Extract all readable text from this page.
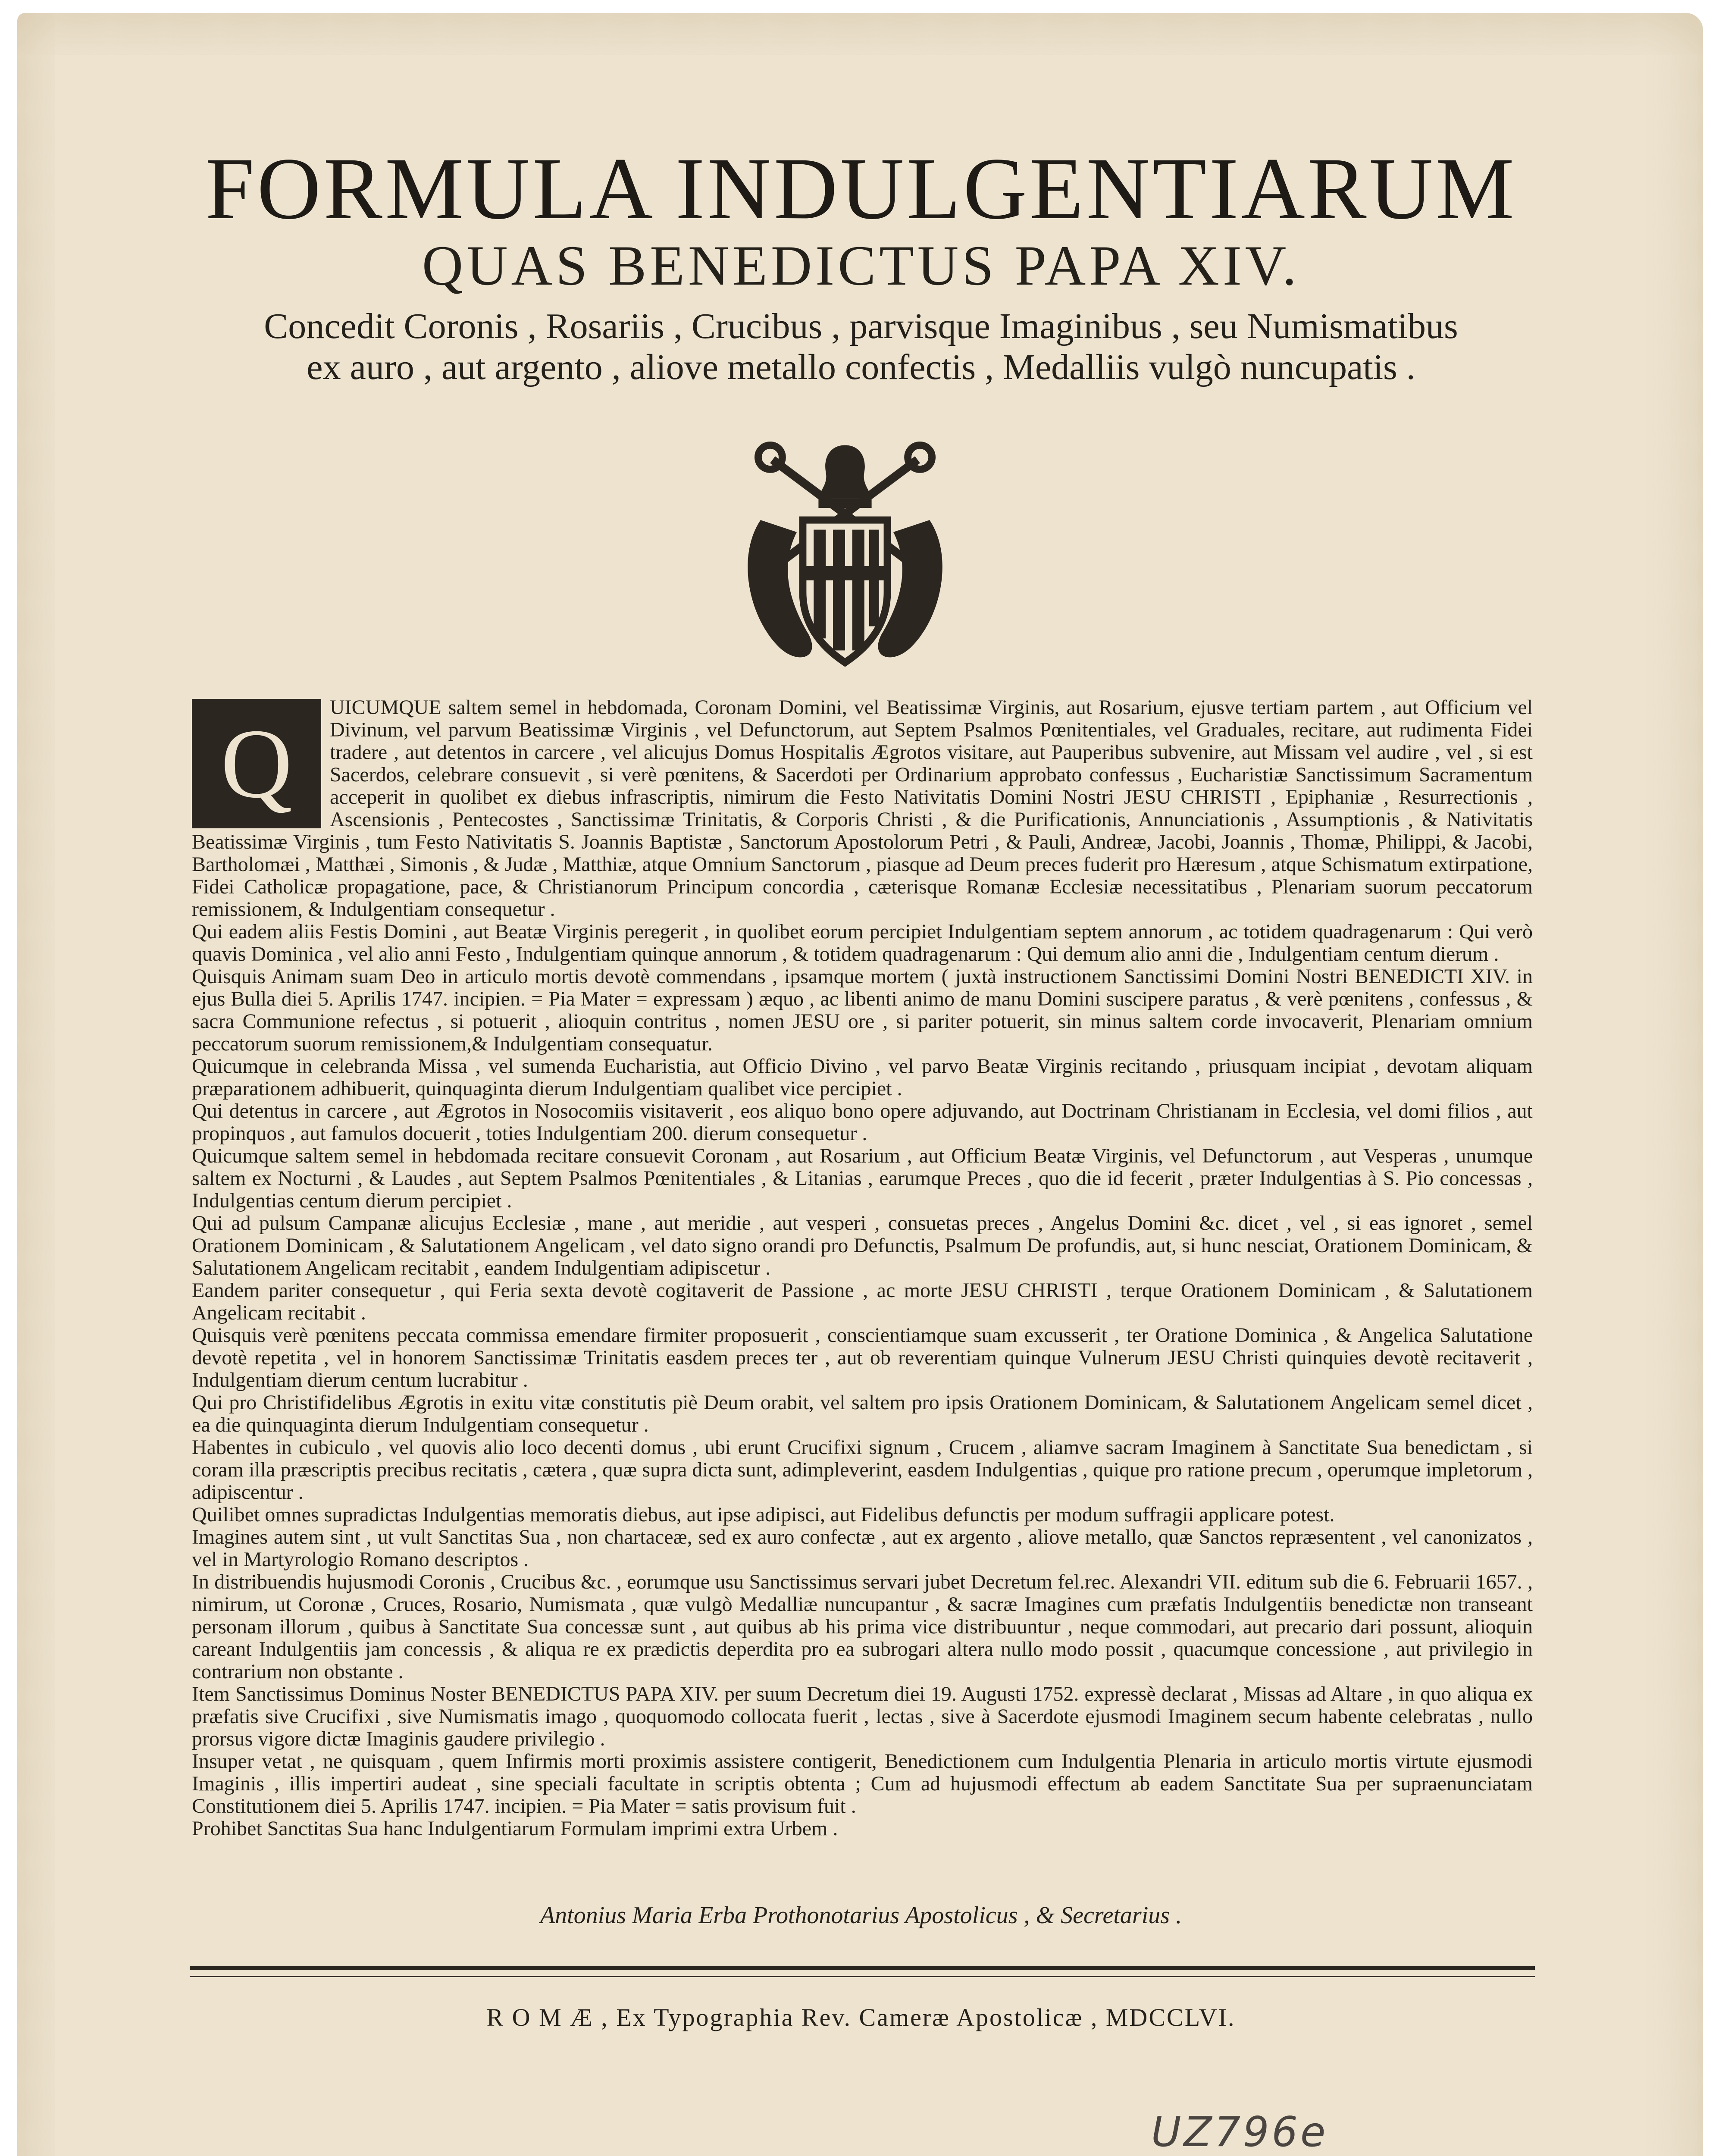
FORMULA INDULGENTIARUM
QUAS BENEDICTUS PAPA XIV.
Concedit Coronis , Rosariis , Crucibus , parvisque Imaginibus , seu Numismatibus
ex auro , aut argento , aliove metallo confectis , Medalliis vulgò nuncupatis .
Q

UICUMQUE saltem semel in hebdomada, Coronam Domini, vel Beatissimæ Virginis, aut Rosarium, ejusve tertiam partem , aut Officium vel Divinum, vel parvum Beatissimæ Virginis , vel Defunctorum, aut Septem Psalmos Pœnitentiales, vel Graduales, recitare, aut rudimenta Fidei tradere , aut detentos in carcere , vel alicujus Domus Hospitalis Ægrotos visitare, aut Pauperibus subvenire, aut Missam vel audire , vel , si est Sacerdos, celebrare consuevit , si verè pœnitens, & Sacerdoti per Ordinarium approbato confessus , Eucharistiæ Sanctissimum Sacramentum acceperit in quolibet ex diebus infrascriptis, nimirum die Festo Nativitatis Domini Nostri JESU CHRISTI , Epiphaniæ , Resurrectionis , Ascensionis , Pentecostes , Sanctissimæ Trinitatis, & Corporis Christi , & die Purificationis, Annunciationis , Assumptionis , & Nativitatis Beatissimæ Virginis , tum Festo Nativitatis S. Joannis Baptistæ , Sanctorum Apostolorum Petri , & Pauli, Andreæ, Jacobi, Joannis , Thomæ, Philippi, & Jacobi, Bartholomæi , Matthæi , Simonis , & Judæ , Matthiæ, atque Omnium Sanctorum , piasque ad Deum preces fuderit pro Hæresum , atque Schismatum extirpatione, Fidei Catholicæ propagatione, pace, & Christianorum Principum concordia , cæterisque Romanæ Ecclesiæ necessitatibus , Plenariam suorum peccatorum remissionem, & Indulgentiam consequetur .

Qui eadem aliis Festis Domini , aut Beatæ Virginis peregerit , in quolibet eorum percipiet Indulgentiam septem annorum , ac totidem quadragenarum : Qui verò quavis Dominica , vel alio anni Festo , Indulgentiam quinque annorum , & totidem quadragenarum : Qui demum alio anni die , Indulgentiam centum dierum .

Quisquis Animam suam Deo in articulo mortis devotè commendans , ipsamque mortem ( juxtà instructionem Sanctissimi Domini Nostri BENEDICTI XIV. in ejus Bulla diei 5. Aprilis 1747. incipien. = Pia Mater = expressam ) æquo , ac libenti animo de manu Domini suscipere paratus , & verè pœnitens , confessus , & sacra Communione refectus , si potuerit , alioquin contritus , nomen JESU ore , si pariter potuerit, sin minus saltem corde invocaverit, Plenariam omnium peccatorum suorum remissionem,& Indulgentiam consequatur.

Quicumque in celebranda Missa , vel sumenda Eucharistia, aut Officio Divino , vel parvo Beatæ Virginis recitando , priusquam incipiat , devotam aliquam præparationem adhibuerit, quinquaginta dierum Indulgentiam qualibet vice percipiet .

Qui detentus in carcere , aut Ægrotos in Nosocomiis visitaverit , eos aliquo bono opere adjuvando, aut Doctrinam Christianam in Ecclesia, vel domi filios , aut propinquos , aut famulos docuerit , toties Indulgentiam 200. dierum consequetur .

Quicumque saltem semel in hebdomada recitare consuevit Coronam , aut Rosarium , aut Officium Beatæ Virginis, vel Defunctorum , aut Vesperas , unumque saltem ex Nocturni , & Laudes , aut Septem Psalmos Pœnitentiales , & Litanias , earumque Preces , quo die id fecerit , præter Indulgentias à S. Pio concessas , Indulgentias centum dierum percipiet .

Qui ad pulsum Campanæ alicujus Ecclesiæ , mane , aut meridie , aut vesperi , consuetas preces , Angelus Domini &c. dicet , vel , si eas ignoret , semel Orationem Dominicam , & Salutationem Angelicam , vel dato signo orandi pro Defunctis, Psalmum De profundis, aut, si hunc nesciat, Orationem Dominicam, & Salutationem Angelicam recitabit , eandem Indulgentiam adipiscetur .

Eandem pariter consequetur , qui Feria sexta devotè cogitaverit de Passione , ac morte JESU CHRISTI , terque Orationem Dominicam , & Salutationem Angelicam recitabit .

Quisquis verè pœnitens peccata commissa emendare firmiter proposuerit , conscientiamque suam excusserit , ter Oratione Dominica , & Angelica Salutatione devotè repetita , vel in honorem Sanctissimæ Trinitatis easdem preces ter , aut ob reverentiam quinque Vulnerum JESU Christi quinquies devotè recitaverit , Indulgentiam dierum centum lucrabitur .

Qui pro Christifidelibus Ægrotis in exitu vitæ constitutis piè Deum orabit, vel saltem pro ipsis Orationem Dominicam, & Salutationem Angelicam semel dicet , ea die quinquaginta dierum Indulgentiam consequetur .

Habentes in cubiculo , vel quovis alio loco decenti domus , ubi erunt Crucifixi signum , Crucem , aliamve sacram Imaginem à Sanctitate Sua benedictam , si coram illa præscriptis precibus recitatis , cætera , quæ supra dicta sunt, adimpleverint, easdem Indulgentias , quique pro ratione precum , operumque impletorum , adipiscentur .

Quilibet omnes supradictas Indulgentias memoratis diebus, aut ipse adipisci, aut Fidelibus defunctis per modum suffragii applicare potest.

Imagines autem sint , ut vult Sanctitas Sua , non chartaceæ, sed ex auro confectæ , aut ex argento , aliove metallo, quæ Sanctos repræsentent , vel canonizatos , vel in Martyrologio Romano descriptos .

In distribuendis hujusmodi Coronis , Crucibus &c. , eorumque usu Sanctissimus servari jubet Decretum fel.rec. Alexandri VII. editum sub die 6. Februarii 1657. , nimirum, ut Coronæ , Cruces, Rosario, Numismata , quæ vulgò Medalliæ nuncupantur , & sacræ Imagines cum præfatis Indulgentiis benedictæ non transeant personam illorum , quibus à Sanctitate Sua concessæ sunt , aut quibus ab his prima vice distribuuntur , neque commodari, aut precario dari possunt, alioquin careant Indulgentiis jam concessis , & aliqua re ex prædictis deperdita pro ea subrogari altera nullo modo possit , quacumque concessione , aut privilegio in contrarium non obstante .

Item Sanctissimus Dominus Noster BENEDICTUS PAPA XIV. per suum Decretum diei 19. Augusti 1752. expressè declarat , Missas ad Altare , in quo aliqua ex præfatis sive Crucifixi , sive Numismatis imago , quoquomodo collocata fuerit , lectas , sive à Sacerdote ejusmodi Imaginem secum habente celebratas , nullo prorsus vigore dictæ Imaginis gaudere privilegio .

Insuper vetat , ne quisquam , quem Infirmis morti proximis assistere contigerit, Benedictionem cum Indulgentia Plenaria in articulo mortis virtute ejusmodi Imaginis , illis impertiri audeat , sine speciali facultate in scriptis obtenta ; Cum ad hujusmodi effectum ab eadem Sanctitate Sua per supraenunciatam Constitutionem diei 5. Aprilis 1747. incipien. = Pia Mater = satis provisum fuit .

Prohibet Sanctitas Sua hanc Indulgentiarum Formulam imprimi extra Urbem .

Antonius Maria Erba Prothonotarius Apostolicus , & Secretarius .
R O M Æ , Ex Typographia Rev. Cameræ Apostolicæ , MDCCLVI.
UZ796e
